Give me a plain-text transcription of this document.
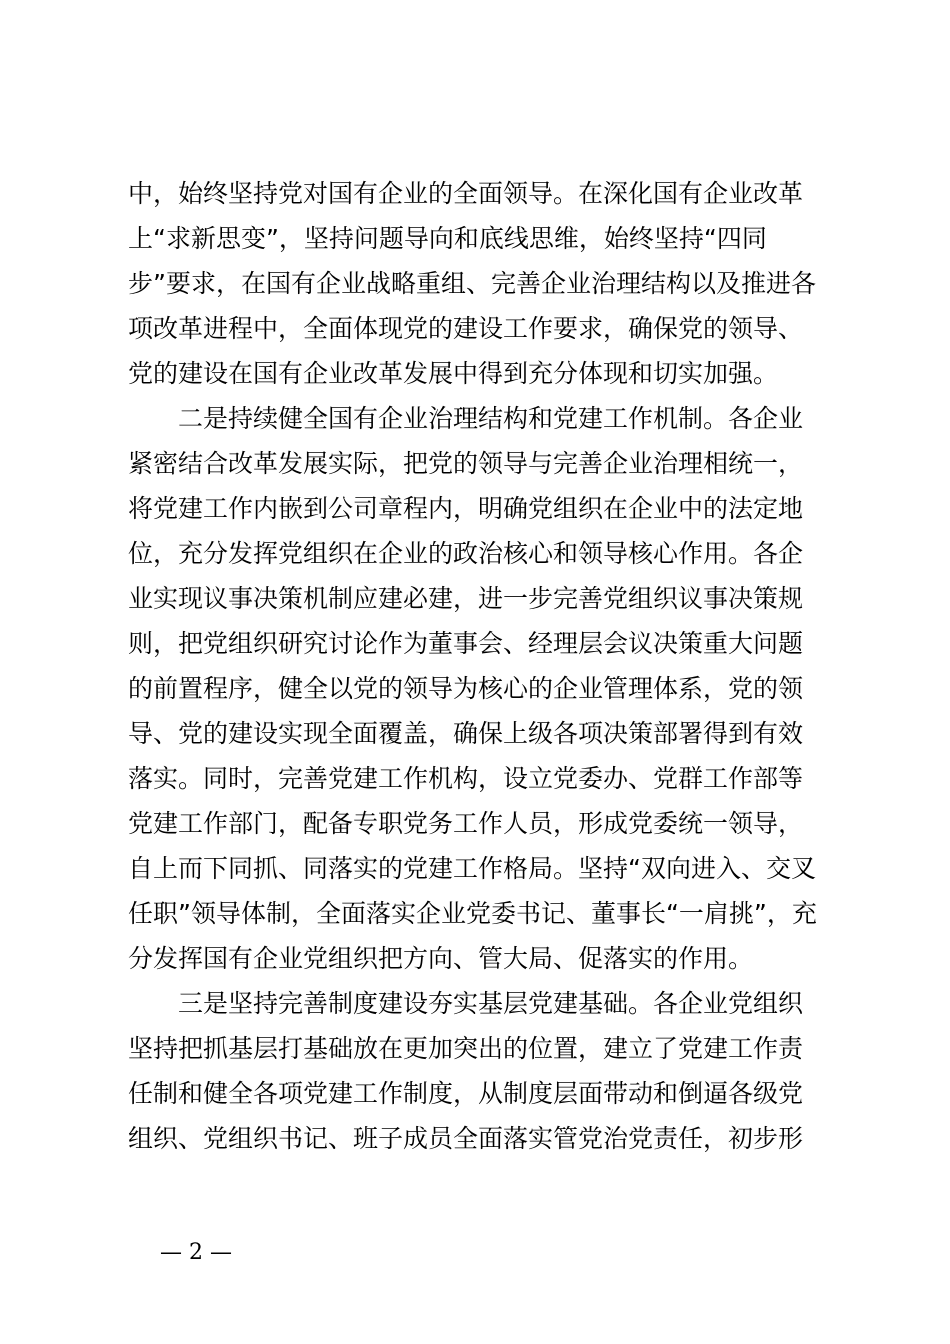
中，始终坚持党对国有企业的全面领导。在深化国有企业改革
上“求新思变”，坚持问题导向和底线思维，始终坚持“四同
步”要求，在国有企业战略重组、完善企业治理结构以及推进各
项改革进程中，全面体现党的建设工作要求，确保党的领导、
党的建设在国有企业改革发展中得到充分体现和切实加强。
二是持续健全国有企业治理结构和党建工作机制。各企业
紧密结合改革发展实际，把党的领导与完善企业治理相统一，
将党建工作内嵌到公司章程内，明确党组织在企业中的法定地
位，充分发挥党组织在企业的政治核心和领导核心作用。各企
业实现议事决策机制应建必建，进一步完善党组织议事决策规
则，把党组织研究讨论作为董事会、经理层会议决策重大问题
的前置程序，健全以党的领导为核心的企业管理体系，党的领
导、党的建设实现全面覆盖，确保上级各项决策部署得到有效
落实。同时，完善党建工作机构，设立党委办、党群工作部等
党建工作部门，配备专职党务工作人员，形成党委统一领导，
自上而下同抓、同落实的党建工作格局。坚持“双向进入、交叉
任职”领导体制，全面落实企业党委书记、董事长“一肩挑”，充
分发挥国有企业党组织把方向、管大局、促落实的作用。
三是坚持完善制度建设夯实基层党建基础。各企业党组织
坚持把抓基层打基础放在更加突出的位置，建立了党建工作责
任制和健全各项党建工作制度，从制度层面带动和倒逼各级党
组织、党组织书记、班子成员全面落实管党治党责任，初步形
— 2 —
